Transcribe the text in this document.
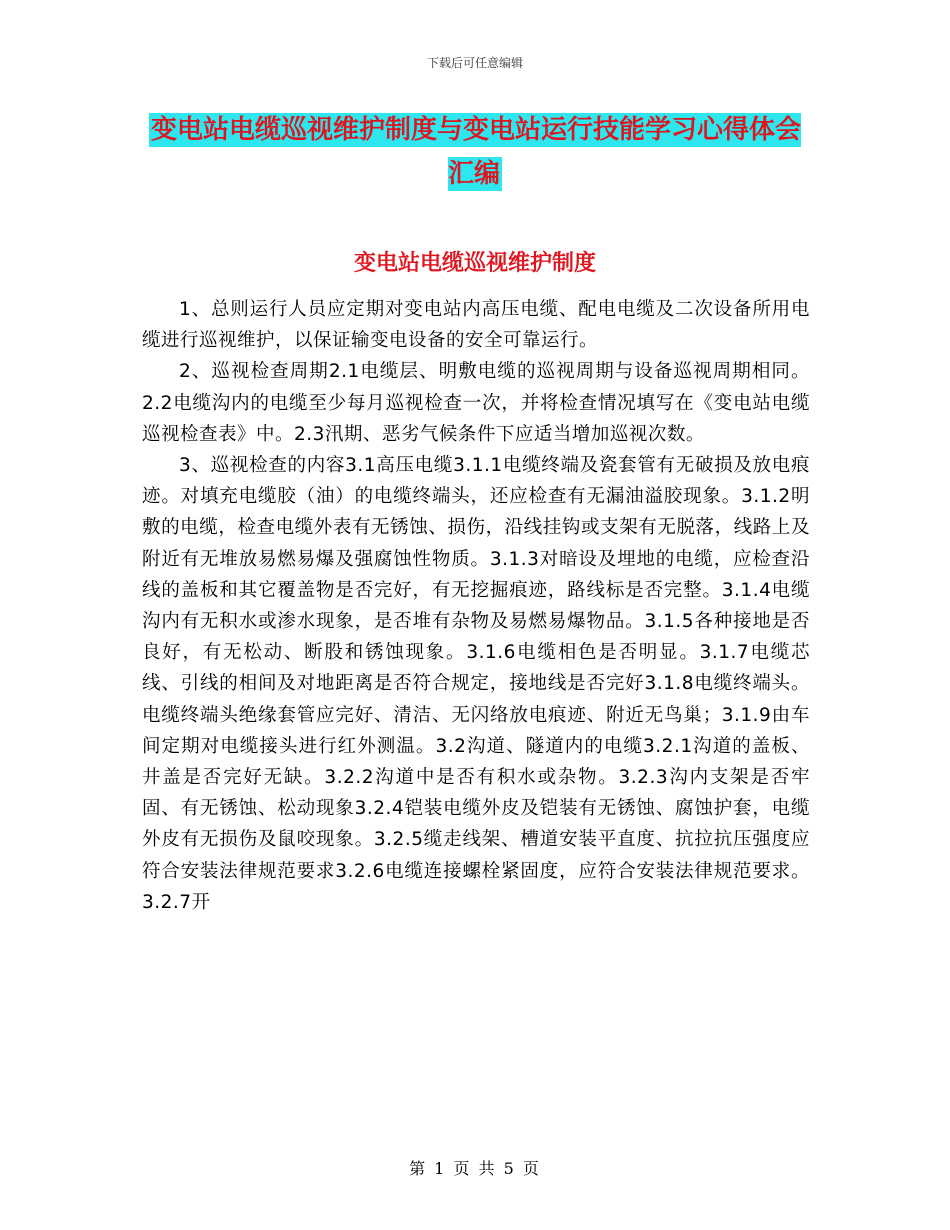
下载后可任意编辑
变电站电缆巡视维护制度与变电站运行技能学习心得体会汇编
变电站电缆巡视维护制度

1、总则运行人员应定期对变电站内高压电缆、配电电缆及二次设备所用电缆进行巡视维护，以保证输变电设备的安全可靠运行。

2、巡视检查周期2.1电缆层、明敷电缆的巡视周期与设备巡视周期相同。2.2电缆沟内的电缆至少每月巡视检查一次，并将检查情况填写在《变电站电缆巡视检查表》中。2.3汛期、恶劣气候条件下应适当增加巡视次数。

3、巡视检查的内容3.1高压电缆3.1.1电缆终端及瓷套管有无破损及放电痕迹。对填充电缆胶（油）的电缆终端头，还应检查有无漏油溢胶现象。3.1.2明敷的电缆，检查电缆外表有无锈蚀、损伤，沿线挂钩或支架有无脱落，线路上及附近有无堆放易燃易爆及强腐蚀性物质。3.1.3对暗设及埋地的电缆，应检查沿线的盖板和其它覆盖物是否完好，有无挖掘痕迹，路线标是否完整。3.1.4电缆沟内有无积水或渗水现象，是否堆有杂物及易燃易爆物品。3.1.5各种接地是否良好，有无松动、断股和锈蚀现象。3.1.6电缆相色是否明显。3.1.7电缆芯线、引线的相间及对地距离是否符合规定，接地线是否完好3.1.8电缆终端头。电缆终端头绝缘套管应完好、清洁、无闪络放电痕迹、附近无鸟巢；3.1.9由车间定期对电缆接头进行红外测温。3.2沟道、隧道内的电缆3.2.1沟道的盖板、井盖是否完好无缺。3.2.2沟道中是否有积水或杂物。3.2.3沟内支架是否牢固、有无锈蚀、松动现象3.2.4铠装电缆外皮及铠装有无锈蚀、腐蚀护套，电缆外皮有无损伤及鼠咬现象。3.2.5缆走线架、槽道安装平直度、抗拉抗压强度应符合安装法律规范要求3.2.6电缆连接螺栓紧固度，应符合安装法律规范要求。3.2.7开

第 1 页 共 5 页
